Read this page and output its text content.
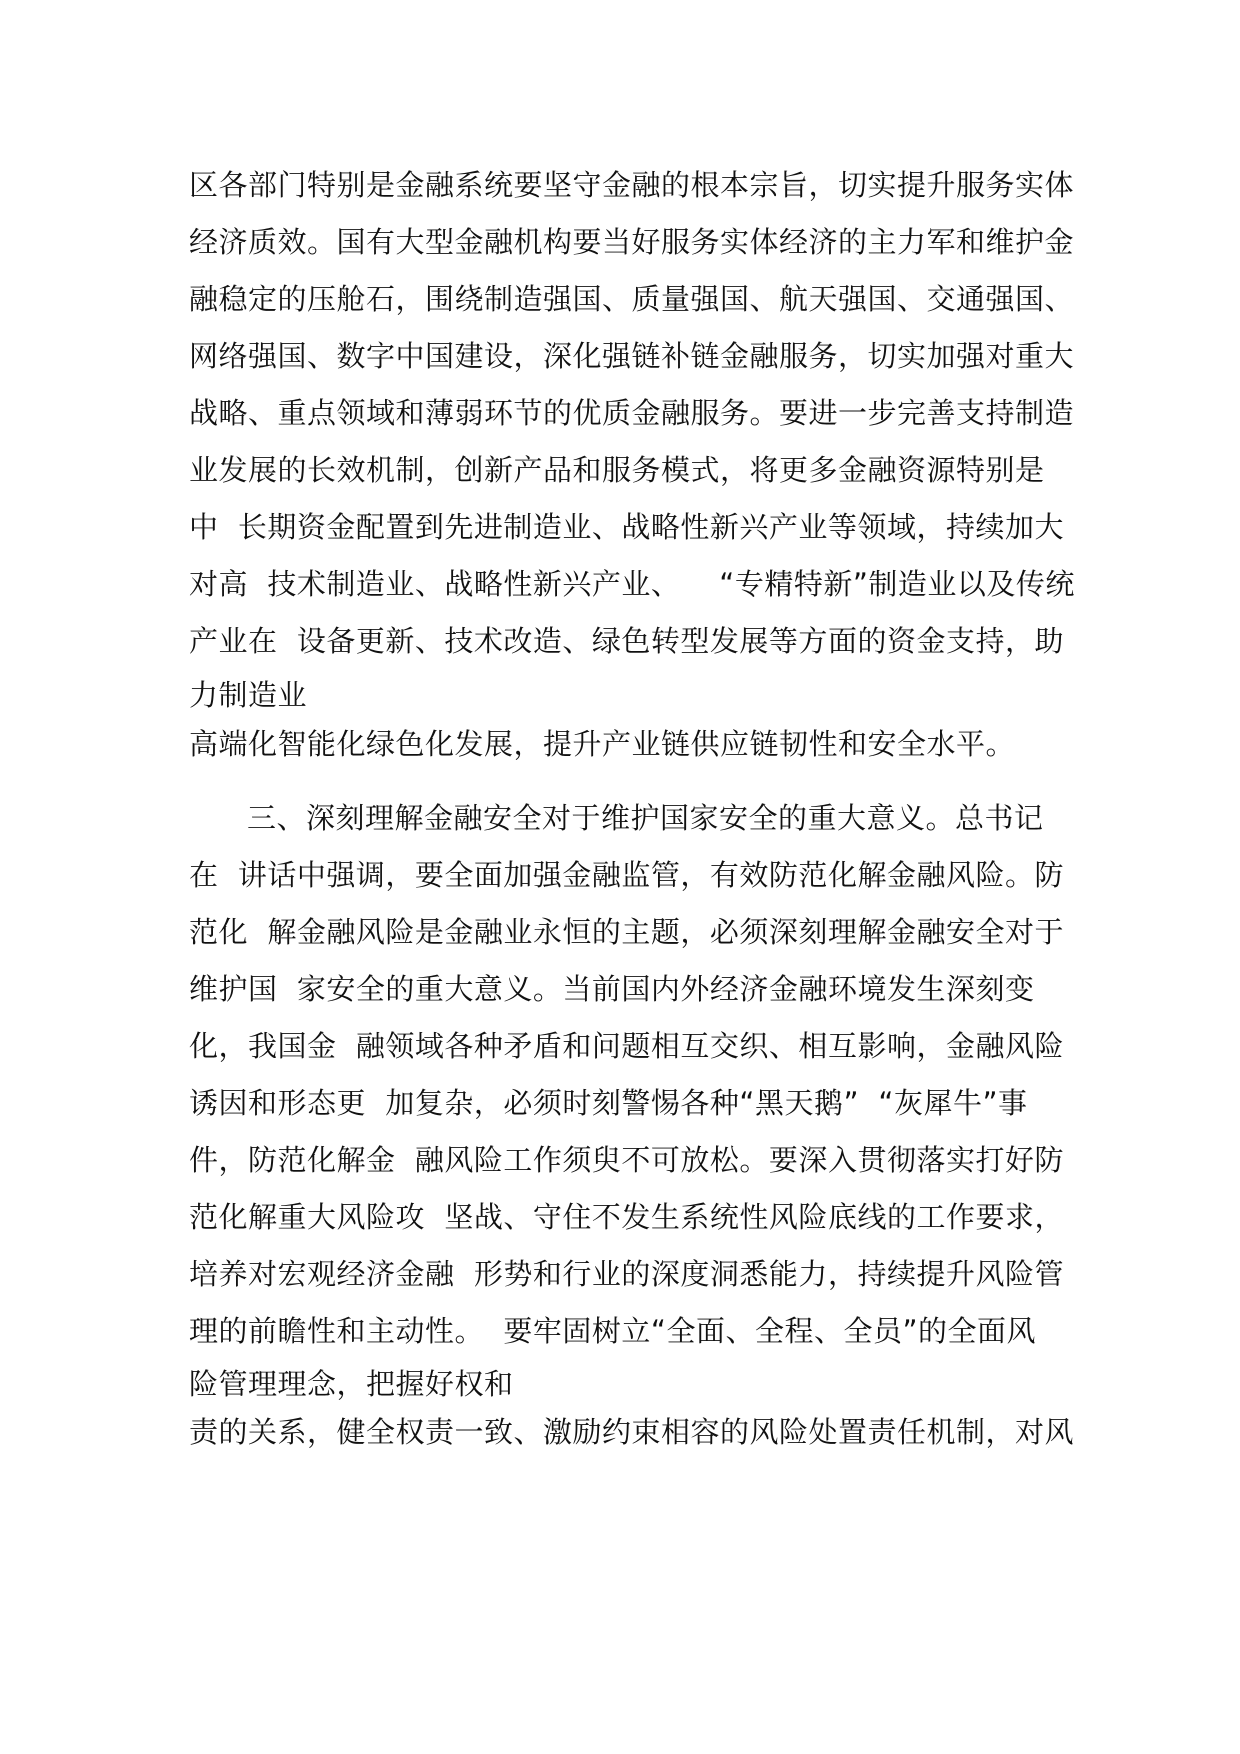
区各部门特别是金融系统要坚守金融的根本宗旨，切实提升服务实体
经济质效。国有大型金融机构要当好服务实体经济的主力军和维护金
融稳定的压舱石，围绕制造强国、质量强国、航天强国、交通强国、
网络强国、数字中国建设，深化强链补链金融服务，切实加强对重大
战略、重点领域和薄弱环节的优质金融服务。要进一步完善支持制造
业发展的长效机制，创新产品和服务模式，将更多金融资源特别是
中  长期资金配置到先进制造业、战略性新兴产业等领域，持续加大
对高  技术制造业、战略性新兴产业、    “专精特新”制造业以及传统
产业在  设备更新、技术改造、绿色转型发展等方面的资金支持，助
力制造业
高端化智能化绿色化发展，提升产业链供应链韧性和安全水平。
三、深刻理解金融安全对于维护国家安全的重大意义。总书记
在  讲话中强调，要全面加强金融监管，有效防范化解金融风险。防
范化  解金融风险是金融业永恒的主题，必须深刻理解金融安全对于
维护国  家安全的重大意义。当前国内外经济金融环境发生深刻变
化，我国金  融领域各种矛盾和问题相互交织、相互影响，金融风险
诱因和形态更  加复杂，必须时刻警惕各种“黑天鹅”  “灰犀牛”事
件，防范化解金  融风险工作须臾不可放松。要深入贯彻落实打好防
范化解重大风险攻  坚战、守住不发生系统性风险底线的工作要求，
培养对宏观经济金融  形势和行业的深度洞悉能力，持续提升风险管
理的前瞻性和主动性。  要牢固树立“全面、全程、全员”的全面风
险管理理念，把握好权和
责的关系，健全权责一致、激励约束相容的风险处置责任机制，对风
